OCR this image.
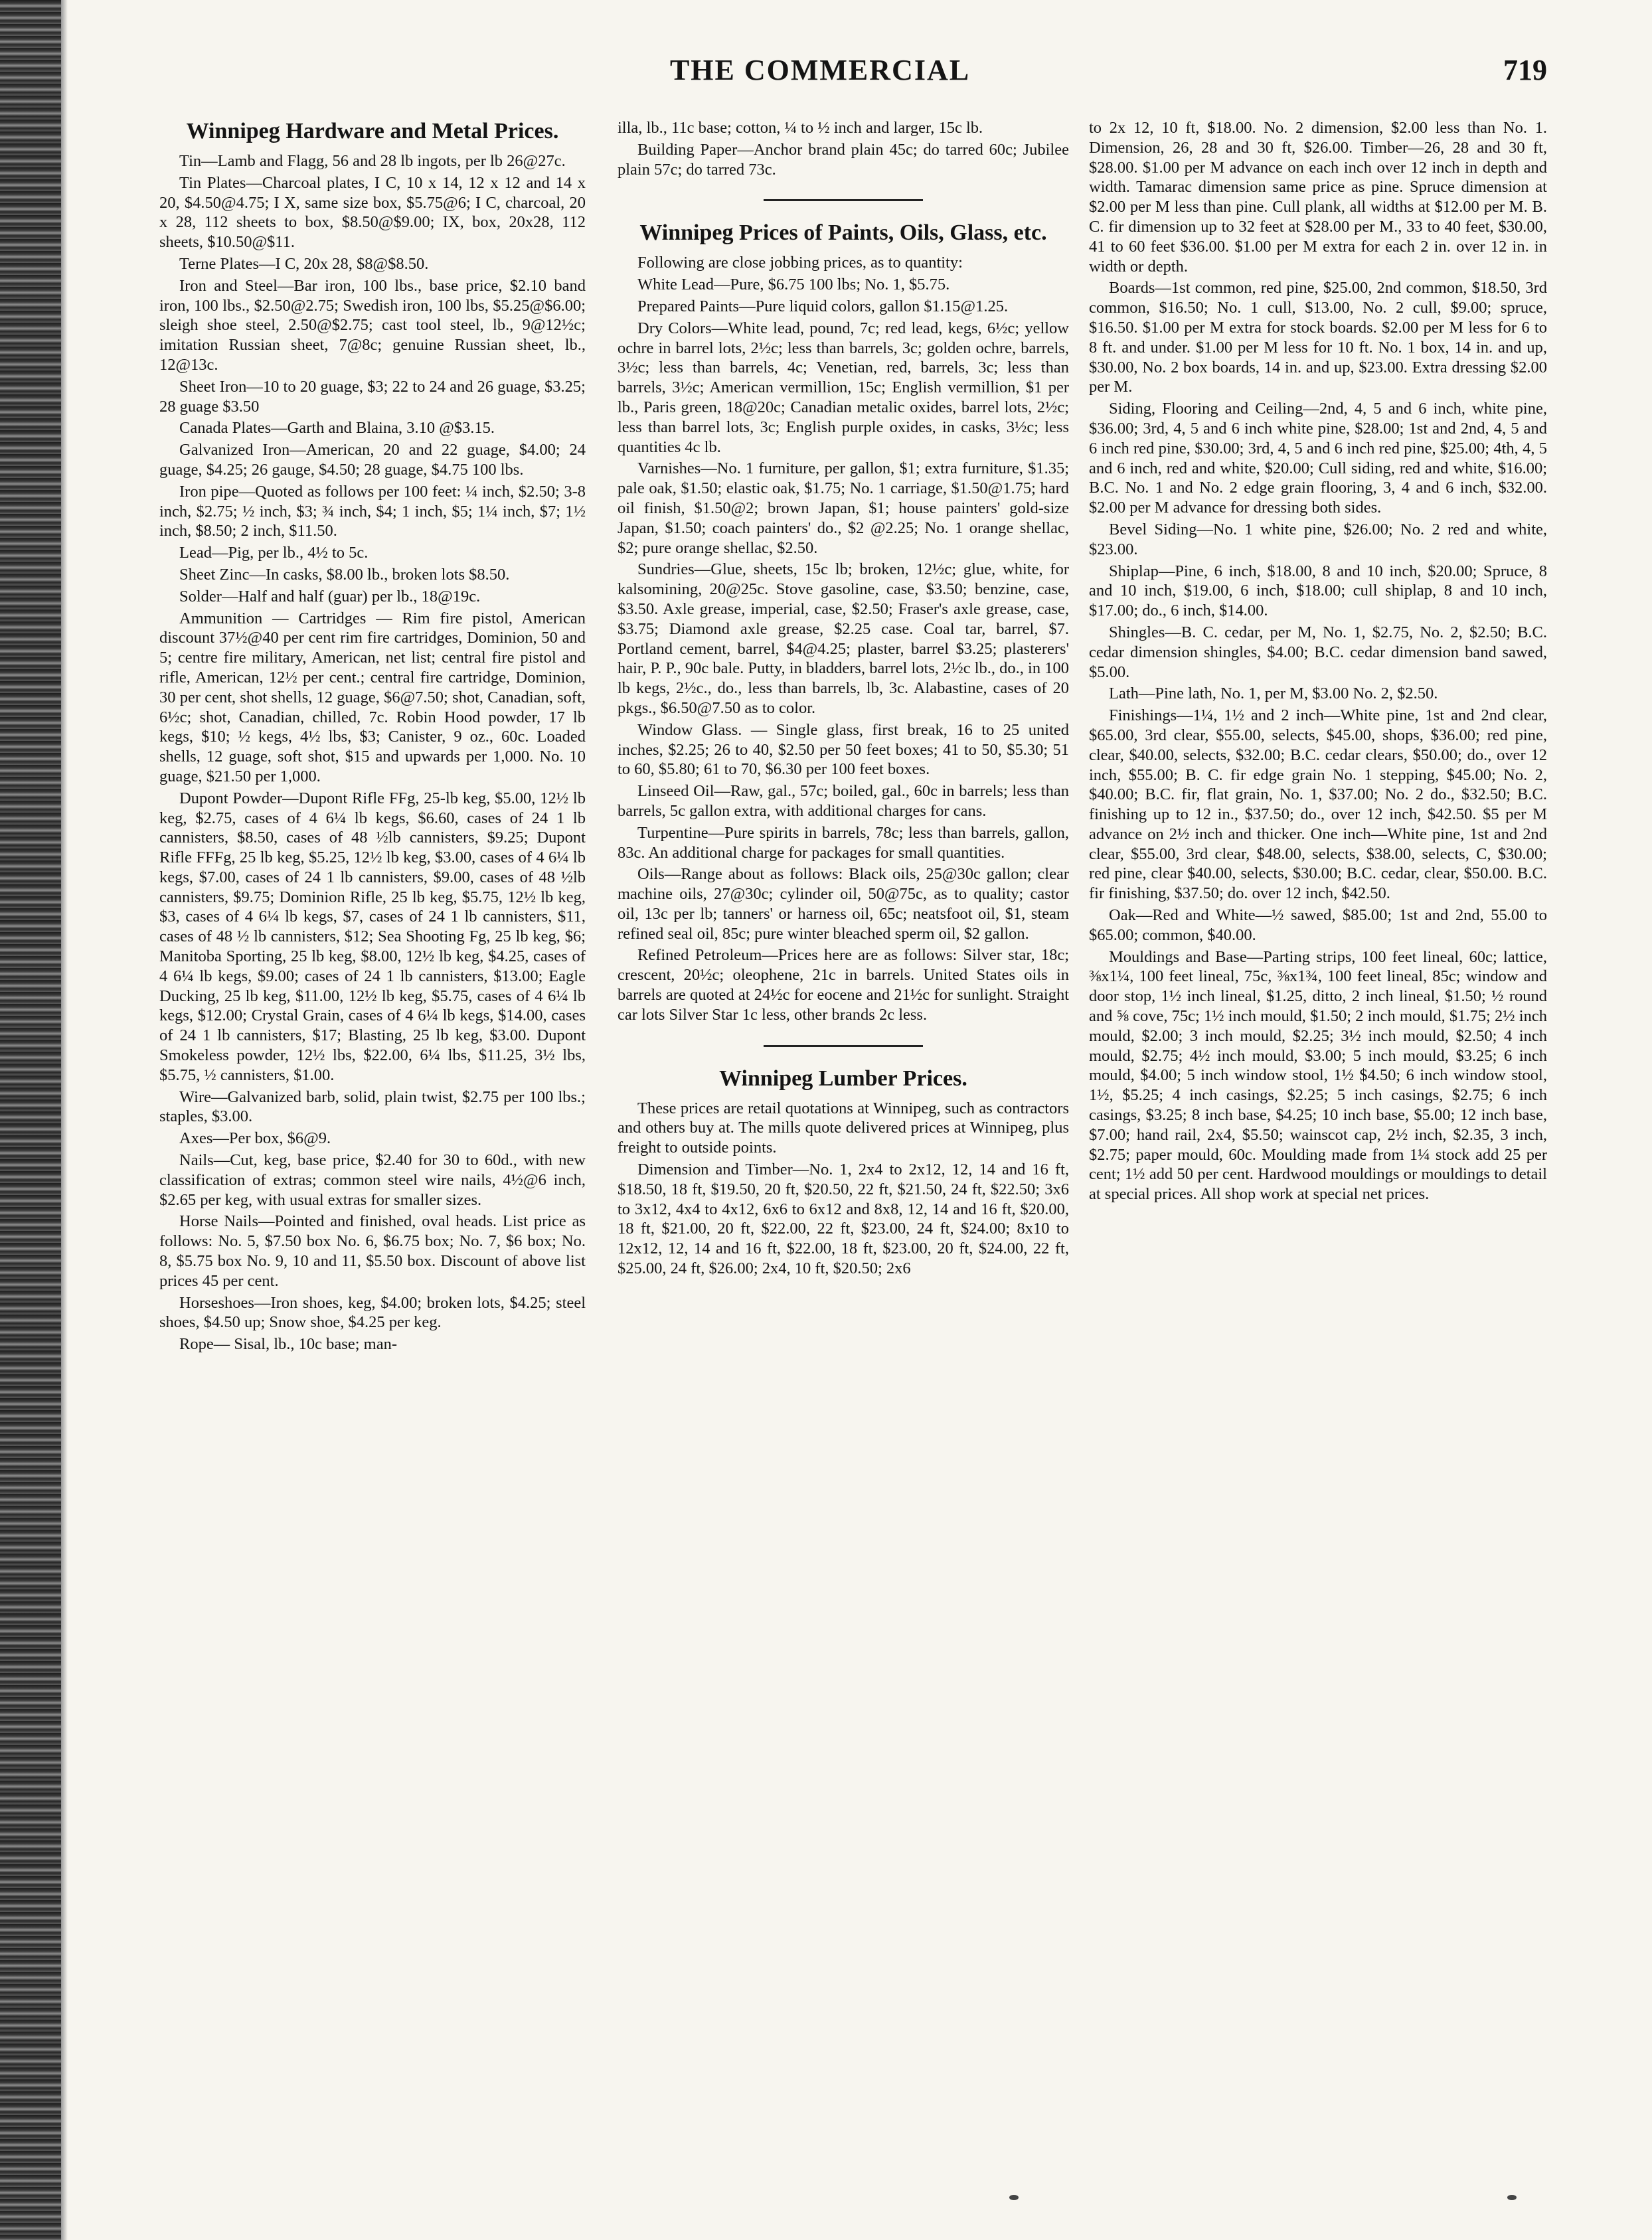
THE COMMERCIAL	719
Winnipeg Hardware and Metal Prices.

Tin—Lamb and Flagg, 56 and 28 lb ingots, per lb 26@27c.

Tin Plates—Charcoal plates, I C, 10 x 14, 12 x 12 and 14 x 20, $4.50@4.75; I X, same size box, $5.75@6; I C, charcoal, 20 x 28, 112 sheets to box, $8.50@$9.00; IX, box, 20x28, 112 sheets, $10.50@$11.

Terne Plates—I C, 20x 28, $8@$8.50.

Iron and Steel—Bar iron, 100 lbs., base price, $2.10 band iron, 100 lbs., $2.50@2.75; Swedish iron, 100 lbs, $5.25@$6.00; sleigh shoe steel, 2.50@$2.75; cast tool steel, lb., 9@12½c; imitation Russian sheet, 7@8c; genuine Russian sheet, lb., 12@13c.

Sheet Iron—10 to 20 guage, $3; 22 to 24 and 26 guage, $3.25; 28 guage $3.50

Canada Plates—Garth and Blaina, 3.10 @$3.15.

Galvanized Iron—American, 20 and 22 guage, $4.00; 24 guage, $4.25; 26 gauge, $4.50; 28 guage, $4.75 100 lbs.

Iron pipe—Quoted as follows per 100 feet: ¼ inch, $2.50; 3-8 inch, $2.75; ½ inch, $3; ¾ inch, $4; 1 inch, $5; 1¼ inch, $7; 1½ inch, $8.50; 2 inch, $11.50.

Lead—Pig, per lb., 4½ to 5c.

Sheet Zinc—In casks, $8.00 lb., broken lots $8.50.

Solder—Half and half (guar) per lb., 18@19c.

Ammunition — Cartridges — Rim fire pistol, American discount 37½@40 per cent rim fire cartridges, Dominion, 50 and 5; centre fire military, American, net list; central fire pistol and rifle, American, 12½ per cent.; central fire cartridge, Dominion, 30 per cent, shot shells, 12 guage, $6@7.50; shot, Canadian, soft, 6½c; shot, Canadian, chilled, 7c. Robin Hood powder, 17 lb kegs, $10; ½ kegs, 4½ lbs, $3; Canister, 9 oz., 60c. Loaded shells, 12 guage, soft shot, $15 and upwards per 1,000. No. 10 guage, $21.50 per 1,000.

Dupont Powder—Dupont Rifle FFg, 25-lb keg, $5.00, 12½ lb keg, $2.75, cases of 4 6¼ lb kegs, $6.60, cases of 24 1 lb cannisters, $8.50, cases of 48 ½lb cannisters, $9.25; Dupont Rifle FFFg, 25 lb keg, $5.25, 12½ lb keg, $3.00, cases of 4 6¼ lb kegs, $7.00, cases of 24 1 lb cannisters, $9.00, cases of 48 ½lb cannisters, $9.75; Dominion Rifle, 25 lb keg, $5.75, 12½ lb keg, $3, cases of 4 6¼ lb kegs, $7, cases of 24 1 lb cannisters, $11, cases of 48 ½ lb cannisters, $12; Sea Shooting Fg, 25 lb keg, $6; Manitoba Sporting, 25 lb keg, $8.00, 12½ lb keg, $4.25, cases of 4 6¼ lb kegs, $9.00; cases of 24 1 lb cannisters, $13.00; Eagle Ducking, 25 lb keg, $11.00, 12½ lb keg, $5.75, cases of 4 6¼ lb kegs, $12.00; Crystal Grain, cases of 4 6¼ lb kegs, $14.00, cases of 24 1 lb cannisters, $17; Blasting, 25 lb keg, $3.00. Dupont Smokeless powder, 12½ lbs, $22.00, 6¼ lbs, $11.25, 3½ lbs, $5.75, ½ cannisters, $1.00.

Wire—Galvanized barb, solid, plain twist, $2.75 per 100 lbs.; staples, $3.00.

Axes—Per box, $6@9.

Nails—Cut, keg, base price, $2.40 for 30 to 60d., with new classification of extras; common steel wire nails, 4½@6 inch, $2.65 per keg, with usual extras for smaller sizes.

Horse Nails—Pointed and finished, oval heads. List price as follows: No. 5, $7.50 box No. 6, $6.75 box; No. 7, $6 box; No. 8, $5.75 box No. 9, 10 and 11, $5.50 box. Discount of above list prices 45 per cent.

Horseshoes—Iron shoes, keg, $4.00; broken lots, $4.25; steel shoes, $4.50 up; Snow shoe, $4.25 per keg.

Rope— Sisal, lb., 10c base; man-

illa, lb., 11c base; cotton, ¼ to ½ inch and larger, 15c lb.

Building Paper—Anchor brand plain 45c; do tarred 60c; Jubilee plain 57c; do tarred 73c.

Winnipeg Prices of Paints, Oils, Glass, etc.

Following are close jobbing prices, as to quantity:

White Lead—Pure, $6.75 100 lbs; No. 1, $5.75.

Prepared Paints—Pure liquid colors, gallon $1.15@1.25.

Dry Colors—White lead, pound, 7c; red lead, kegs, 6½c; yellow ochre in barrel lots, 2½c; less than barrels, 3c; golden ochre, barrels, 3½c; less than barrels, 4c; Venetian, red, barrels, 3c; less than barrels, 3½c; American vermillion, 15c; English vermillion, $1 per lb., Paris green, 18@20c; Canadian metalic oxides, barrel lots, 2½c; less than barrel lots, 3c; English purple oxides, in casks, 3½c; less quantities 4c lb.

Varnishes—No. 1 furniture, per gallon, $1; extra furniture, $1.35; pale oak, $1.50; elastic oak, $1.75; No. 1 carriage, $1.50@1.75; hard oil finish, $1.50@2; brown Japan, $1; house painters' gold-size Japan, $1.50; coach painters' do., $2 @2.25; No. 1 orange shellac, $2; pure orange shellac, $2.50.

Sundries—Glue, sheets, 15c lb; broken, 12½c; glue, white, for kalsomining, 20@25c. Stove gasoline, case, $3.50; benzine, case, $3.50. Axle grease, imperial, case, $2.50; Fraser's axle grease, case, $3.75; Diamond axle grease, $2.25 case. Coal tar, barrel, $7. Portland cement, barrel, $4@4.25; plaster, barrel $3.25; plasterers' hair, P. P., 90c bale. Putty, in bladders, barrel lots, 2½c lb., do., in 100 lb kegs, 2½c., do., less than barrels, lb, 3c. Alabastine, cases of 20 pkgs., $6.50@7.50 as to color.

Window Glass. — Single glass, first break, 16 to 25 united inches, $2.25; 26 to 40, $2.50 per 50 feet boxes; 41 to 50, $5.30; 51 to 60, $5.80; 61 to 70, $6.30 per 100 feet boxes.

Linseed Oil—Raw, gal., 57c; boiled, gal., 60c in barrels; less than barrels, 5c gallon extra, with additional charges for cans.

Turpentine—Pure spirits in barrels, 78c; less than barrels, gallon, 83c. An additional charge for packages for small quantities.

Oils—Range about as follows: Black oils, 25@30c gallon; clear machine oils, 27@30c; cylinder oil, 50@75c, as to quality; castor oil, 13c per lb; tanners' or harness oil, 65c; neatsfoot oil, $1, steam refined seal oil, 85c; pure winter bleached sperm oil, $2 gallon.

Refined Petroleum—Prices here are as follows: Silver star, 18c; crescent, 20½c; oleophene, 21c in barrels. United States oils in barrels are quoted at 24½c for eocene and 21½c for sunlight. Straight car lots Silver Star 1c less, other brands 2c less.

Winnipeg Lumber Prices.

These prices are retail quotations at Winnipeg, such as contractors and others buy at. The mills quote delivered prices at Winnipeg, plus freight to outside points.

Dimension and Timber—No. 1, 2x4 to 2x12, 12, 14 and 16 ft, $18.50, 18 ft, $19.50, 20 ft, $20.50, 22 ft, $21.50, 24 ft, $22.50; 3x6 to 3x12, 4x4 to 4x12, 6x6 to 6x12 and 8x8, 12, 14 and 16 ft, $20.00, 18 ft, $21.00, 20 ft, $22.00, 22 ft, $23.00, 24 ft, $24.00; 8x10 to 12x12, 12, 14 and 16 ft, $22.00, 18 ft, $23.00, 20 ft, $24.00, 22 ft, $25.00, 24 ft, $26.00; 2x4, 10 ft, $20.50; 2x6

to 2x 12, 10 ft, $18.00. No. 2 dimension, $2.00 less than No. 1. Dimension, 26, 28 and 30 ft, $26.00. Timber—26, 28 and 30 ft, $28.00. $1.00 per M advance on each inch over 12 inch in depth and width. Tamarac dimension same price as pine. Spruce dimension at $2.00 per M less than pine. Cull plank, all widths at $12.00 per M. B. C. fir dimension up to 32 feet at $28.00 per M., 33 to 40 feet, $30.00, 41 to 60 feet $36.00. $1.00 per M extra for each 2 in. over 12 in. in width or depth.

Boards—1st common, red pine, $25.00, 2nd common, $18.50, 3rd common, $16.50; No. 1 cull, $13.00, No. 2 cull, $9.00; spruce, $16.50. $1.00 per M extra for stock boards. $2.00 per M less for 6 to 8 ft. and under. $1.00 per M less for 10 ft. No. 1 box, 14 in. and up, $30.00, No. 2 box boards, 14 in. and up, $23.00. Extra dressing $2.00 per M.

Siding, Flooring and Ceiling—2nd, 4, 5 and 6 inch, white pine, $36.00; 3rd, 4, 5 and 6 inch white pine, $28.00; 1st and 2nd, 4, 5 and 6 inch red pine, $30.00; 3rd, 4, 5 and 6 inch red pine, $25.00; 4th, 4, 5 and 6 inch, red and white, $20.00; Cull siding, red and white, $16.00; B.C. No. 1 and No. 2 edge grain flooring, 3, 4 and 6 inch, $32.00. $2.00 per M advance for dressing both sides.

Bevel Siding—No. 1 white pine, $26.00; No. 2 red and white, $23.00.

Shiplap—Pine, 6 inch, $18.00, 8 and 10 inch, $20.00; Spruce, 8 and 10 inch, $19.00, 6 inch, $18.00; cull shiplap, 8 and 10 inch, $17.00; do., 6 inch, $14.00.

Shingles—B. C. cedar, per M, No. 1, $2.75, No. 2, $2.50; B.C. cedar dimension shingles, $4.00; B.C. cedar dimension band sawed, $5.00.

Lath—Pine lath, No. 1, per M, $3.00 No. 2, $2.50.

Finishings—1¼, 1½ and 2 inch—White pine, 1st and 2nd clear, $65.00, 3rd clear, $55.00, selects, $45.00, shops, $36.00; red pine, clear, $40.00, selects, $32.00; B.C. cedar clears, $50.00; do., over 12 inch, $55.00; B. C. fir edge grain No. 1 stepping, $45.00; No. 2, $40.00; B.C. fir, flat grain, No. 1, $37.00; No. 2 do., $32.50; B.C. finishing up to 12 in., $37.50; do., over 12 inch, $42.50. $5 per M advance on 2½ inch and thicker. One inch—White pine, 1st and 2nd clear, $55.00, 3rd clear, $48.00, selects, $38.00, selects, C, $30.00; red pine, clear $40.00, selects, $30.00; B.C. cedar, clear, $50.00. B.C. fir finishing, $37.50; do. over 12 inch, $42.50.

Oak—Red and White—½ sawed, $85.00; 1st and 2nd, 55.00 to $65.00; common, $40.00.

Mouldings and Base—Parting strips, 100 feet lineal, 60c; lattice, ⅜x1¼, 100 feet lineal, 75c, ⅜x1¾, 100 feet lineal, 85c; window and door stop, 1½ inch lineal, $1.25, ditto, 2 inch lineal, $1.50; ½ round and ⅝ cove, 75c; 1½ inch mould, $1.50; 2 inch mould, $1.75; 2½ inch mould, $2.00; 3 inch mould, $2.25; 3½ inch mould, $2.50; 4 inch mould, $2.75; 4½ inch mould, $3.00; 5 inch mould, $3.25; 6 inch mould, $4.00; 5 inch window stool, 1½ $4.50; 6 inch window stool, 1½, $5.25; 4 inch casings, $2.25; 5 inch casings, $2.75; 6 inch casings, $3.25; 8 inch base, $4.25; 10 inch base, $5.00; 12 inch base, $7.00; hand rail, 2x4, $5.50; wainscot cap, 2½ inch, $2.35, 3 inch, $2.75; paper mould, 60c. Moulding made from 1¼ stock add 25 per cent; 1½ add 50 per cent. Hardwood mouldings or mouldings to detail at special prices. All shop work at special net prices.
